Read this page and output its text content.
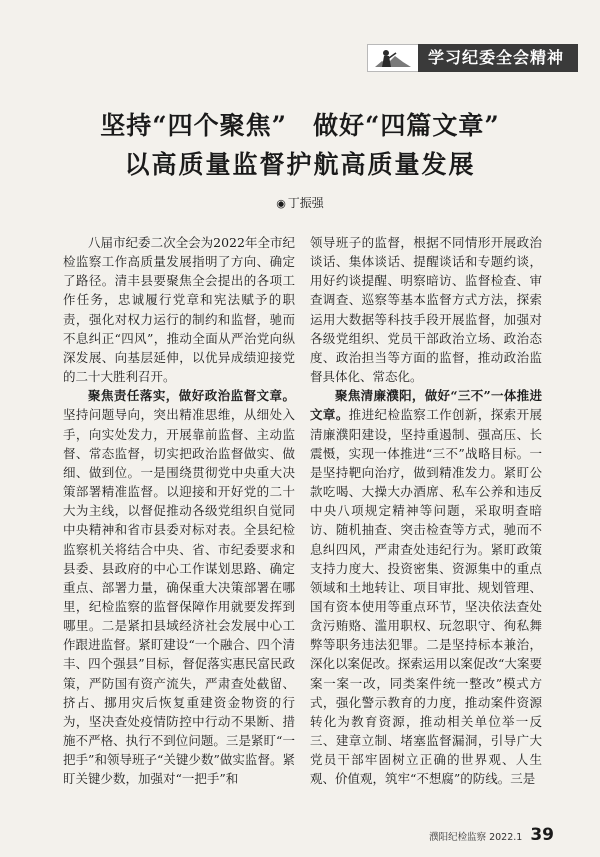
学习纪委全会精神
坚持“四个聚焦”　做好“四篇文章”
以高质量监督护航高质量发展
◉ 丁振强

八届市纪委二次全会为2022年全市纪检监察工作高质量发展指明了方向、确定了路径。清丰县要聚焦全会提出的各项工作任务，忠诚履行党章和宪法赋予的职责，强化对权力运行的制约和监督，驰而不息纠正“四风”，推动全面从严治党向纵深发展、向基层延伸，以优异成绩迎接党的二十大胜利召开。

聚焦责任落实，做好政治监督文章。坚持问题导向，突出精准思维，从细处入手，向实处发力，开展靠前监督、主动监督、常态监督，切实把政治监督做实、做细、做到位。一是围绕贯彻党中央重大决策部署精准监督。以迎接和开好党的二十大为主线，以督促推动各级党组织自觉同中央精神和省市县委对标对表。全县纪检监察机关将结合中央、省、市纪委要求和县委、县政府的中心工作谋划思路、确定重点、部署力量，确保重大决策部署在哪里，纪检监察的监督保障作用就要发挥到哪里。二是紧扣县域经济社会发展中心工作跟进监督。紧盯建设“一个融合、四个清丰、四个强县”目标，督促落实惠民富民政策，严防国有资产流失，严肃查处截留、挤占、挪用灾后恢复重建资金物资的行为，坚决查处疫情防控中行动不果断、措施不严格、执行不到位问题。三是紧盯“一把手”和领导班子“关键少数”做实监督。紧盯关键少数，加强对“一把手”和

领导班子的监督，根据不同情形开展政治谈话、集体谈话、提醒谈话和专题约谈，用好约谈提醒、明察暗访、监督检查、审查调查、巡察等基本监督方式方法，探索运用大数据等科技手段开展监督，加强对各级党组织、党员干部政治立场、政治态度、政治担当等方面的监督，推动政治监督具体化、常态化。

聚焦清廉濮阳，做好“三不”一体推进文章。推进纪检监察工作创新，探索开展清廉濮阳建设，坚持重遏制、强高压、长震慑，实现一体推进“三不”战略目标。一是坚持靶向治疗，做到精准发力。紧盯公款吃喝、大操大办酒席、私车公养和违反中央八项规定精神等问题，采取明查暗访、随机抽查、突击检查等方式，驰而不息纠四风，严肃查处违纪行为。紧盯政策支持力度大、投资密集、资源集中的重点领域和土地转让、项目审批、规划管理、国有资本使用等重点环节，坚决依法查处贪污贿赂、滥用职权、玩忽职守、徇私舞弊等职务违法犯罪。二是坚持标本兼治，深化以案促改。探索运用以案促改“大案要案一案一改，同类案件统一整改”模式方式，强化警示教育的力度，推动案件资源转化为教育资源，推动相关单位举一反三、建章立制、堵塞监督漏洞，引导广大党员干部牢固树立正确的世界观、人生观、价值观，筑牢“不想腐”的防线。三是

濮阳纪检监察 2022.1 39
